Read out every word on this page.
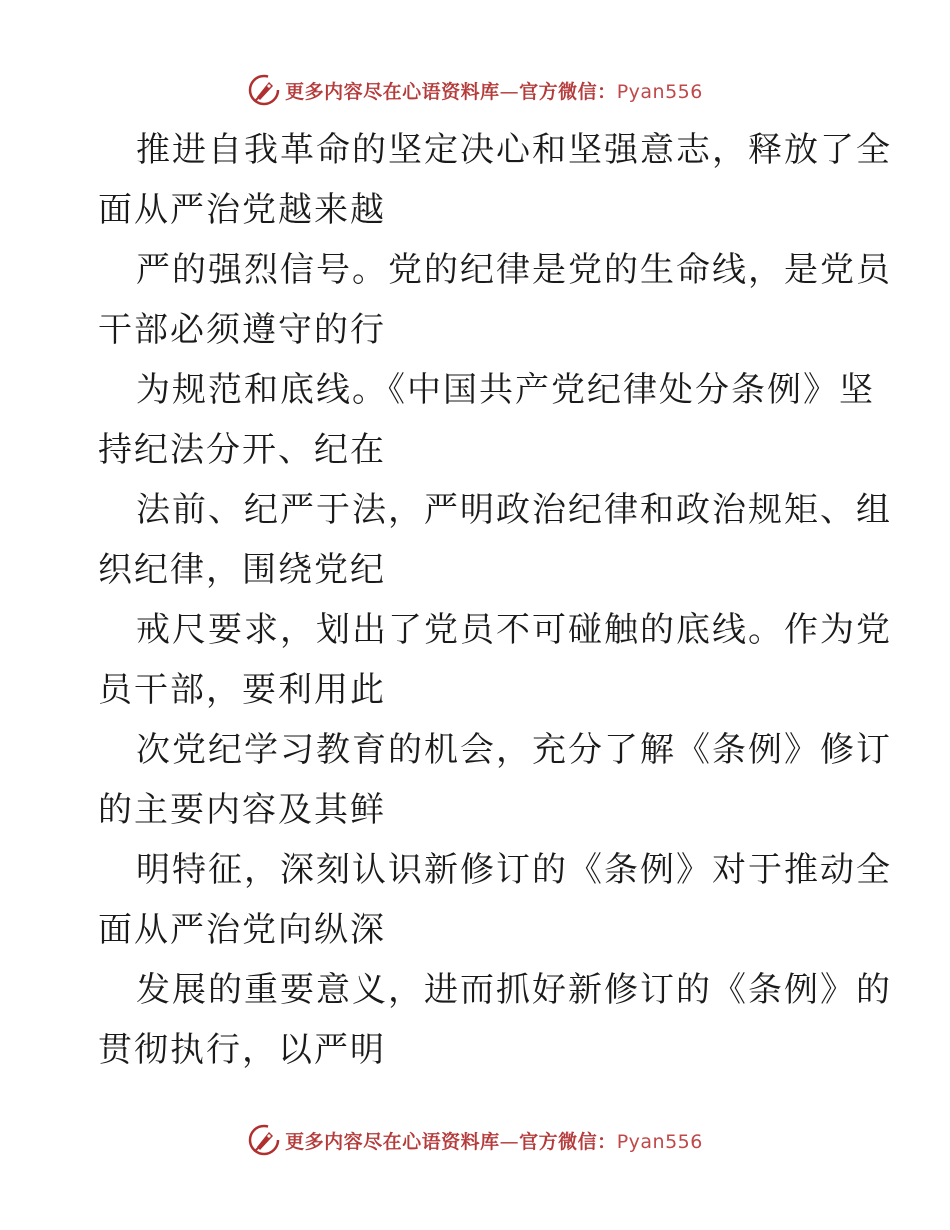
更多内容尽在心语资料库—官方微信：Pyan556
推进自我革命的坚定决心和坚强意志，释放了全
面从严治党越来越
严的强烈信号。党的纪律是党的生命线，是党员
干部必须遵守的行
为规范和底线。《中国共产党纪律处分条例》坚
持纪法分开、纪在
法前、纪严于法，严明政治纪律和政治规矩、组
织纪律，围绕党纪
戒尺要求，划出了党员不可碰触的底线。作为党
员干部，要利用此
次党纪学习教育的机会，充分了解《条例》修订
的主要内容及其鲜
明特征，深刻认识新修订的《条例》对于推动全
面从严治党向纵深
发展的重要意义，进而抓好新修订的《条例》的
贯彻执行，以严明
更多内容尽在心语资料库—官方微信：Pyan556
